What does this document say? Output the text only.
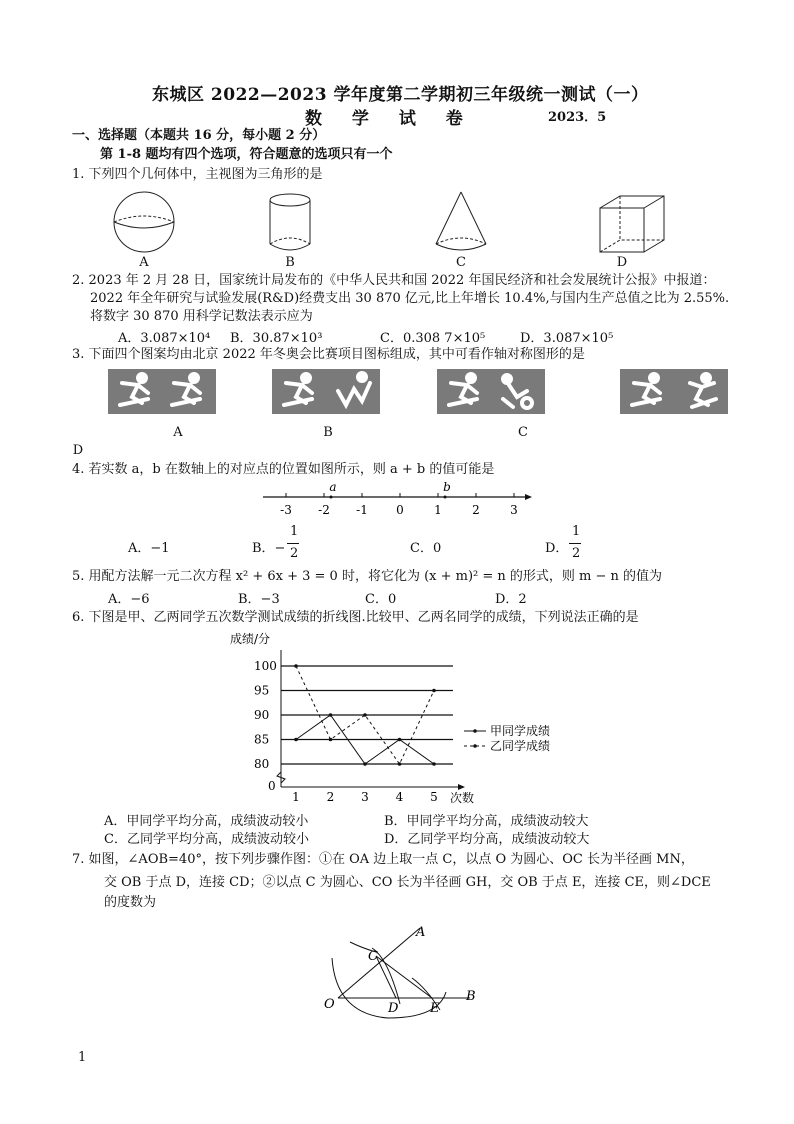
东城区 2022—2023 学年度第二学期初三年级统一测试（一）
数 学 试 卷	2023．5
一、选择题（本题共 16 分，每小题 2 分）
第 1-8 题均有四个选项，符合题意的选项只有一个
1. 下列四个几何体中，主视图为三角形的是
A	B	C	D
2. 2023 年 2 月 28 日，国家统计局发布的《中华人民共和国 2022 年国民经济和社会发展统计公报》中报道：
2022 年全年研究与试验发展(R&D)经费支出 30 870 亿元,比上年增长 10.4%,与国内生产总值之比为 2.55%.
将数字 30 870 用科学记数法表示应为
A．3.087×10⁴ B．30.87×10³	C．0.308 7×10⁵	D．3.087×10⁵
3. 下面四个图案均由北京 2022 年冬奥会比赛项目图标组成，其中可看作轴对称图形的是
A	B	C
D
4. 若实数 a，b 在数轴上的对应点的位置如图所示，则 a + b 的值可能是
-3 -2 -1 0	1	2	3
a	b
A．−1	B．−
1
2	C．0	D．
1
2
5. 用配方法解一元二次方程 x² + 6x + 3 = 0 时，将它化为 (x + m)² = n 的形式，则 m − n 的值为
A．−6	B．−3	C．0	D．2
6. 下图是甲、乙两同学五次数学测试成绩的折线图.比较甲、乙两名同学的成绩，下列说法正确的是
成绩/分
次数
0
80
85
90
95
100
1 2 3 4 5
甲同学成绩
乙同学成绩
A．甲同学平均分高，成绩波动较小	B．甲同学平均分高，成绩波动较大
C．乙同学平均分高，成绩波动较小	D．乙同学平均分高，成绩波动较大
7. 如图，∠AOB=40°，按下列步骤作图：①在 OA 边上取一点 C，以点 O 为圆心、OC 长为半径画 MN，
交 OB 于点 D，连接 CD；②以点 C 为圆心、CO 长为半径画 GH，交 OB 于点 E，连接 CE，则∠DCE
的度数为
A
B
C
D E
O
1
